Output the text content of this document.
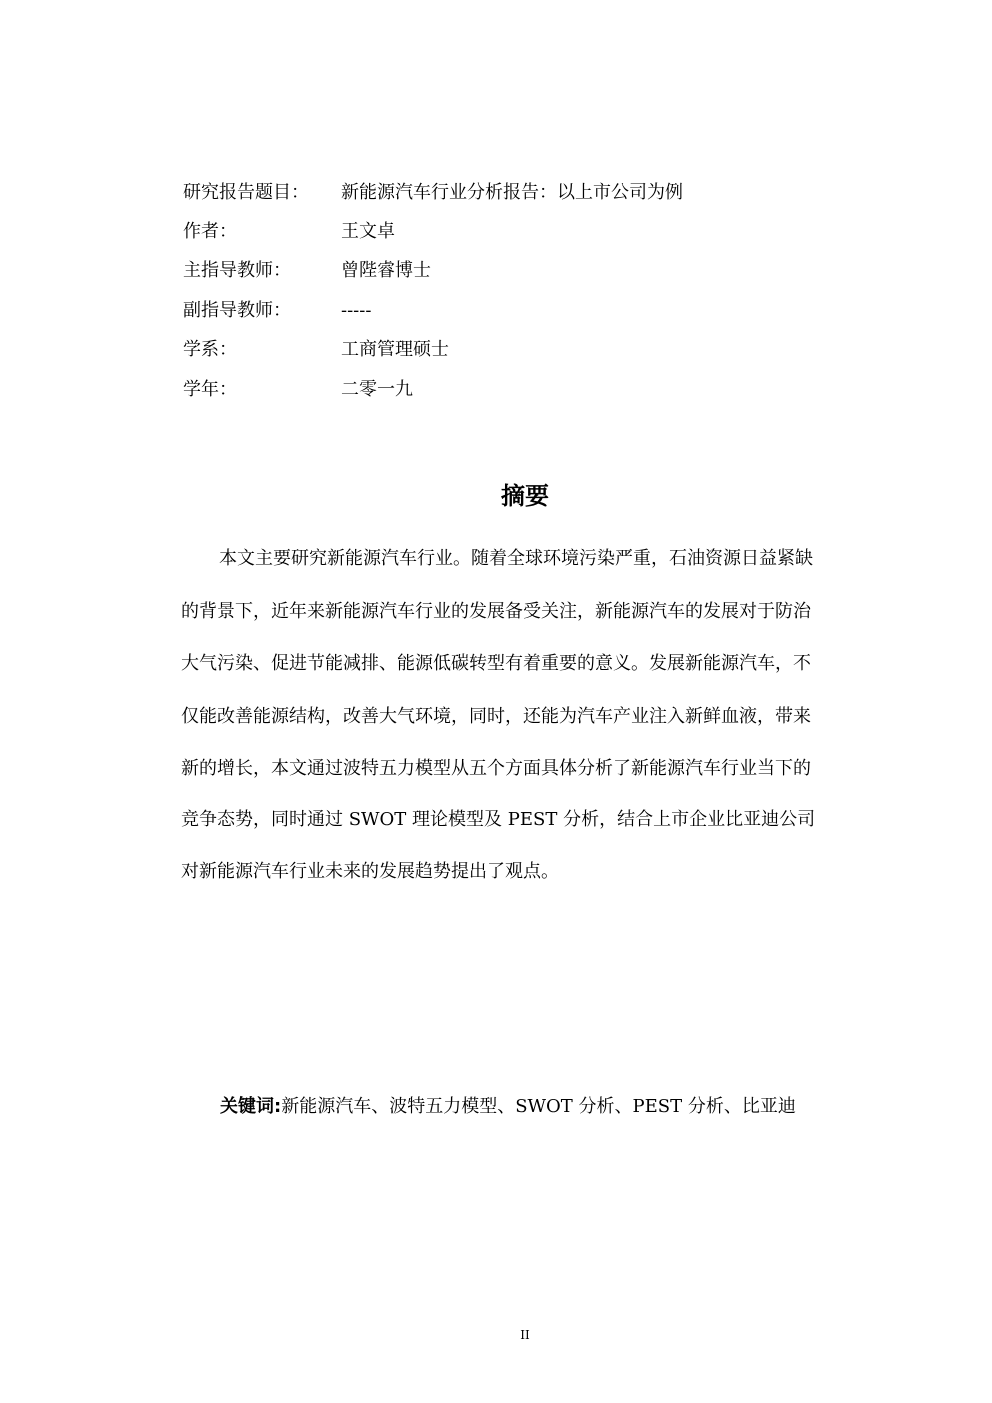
研究报告题目： 新能源汽车行业分析报告：以上市公司为例
作者：	王文卓
主指导教师：	曾陛睿博士
副指导教师：	-----
学系：	工商管理硕士
学年：	二零一九
摘要
本文主要研究新能源汽车行业。随着全球环境污染严重，石油资源日益紧缺
的背景下，近年来新能源汽车行业的发展备受关注，新能源汽车的发展对于防治
大气污染、促进节能减排、能源低碳转型有着重要的意义。发展新能源汽车，不
仅能改善能源结构，改善大气环境，同时，还能为汽车产业注入新鲜血液，带来
新的增长，本文通过波特五力模型从五个方面具体分析了新能源汽车行业当下的
竞争态势，同时通过 SWOT 理论模型及 PEST 分析，结合上市企业比亚迪公司
对新能源汽车行业未来的发展趋势提出了观点。
关键词:新能源汽车、波特五力模型、SWOT 分析、PEST 分析、比亚迪
II
